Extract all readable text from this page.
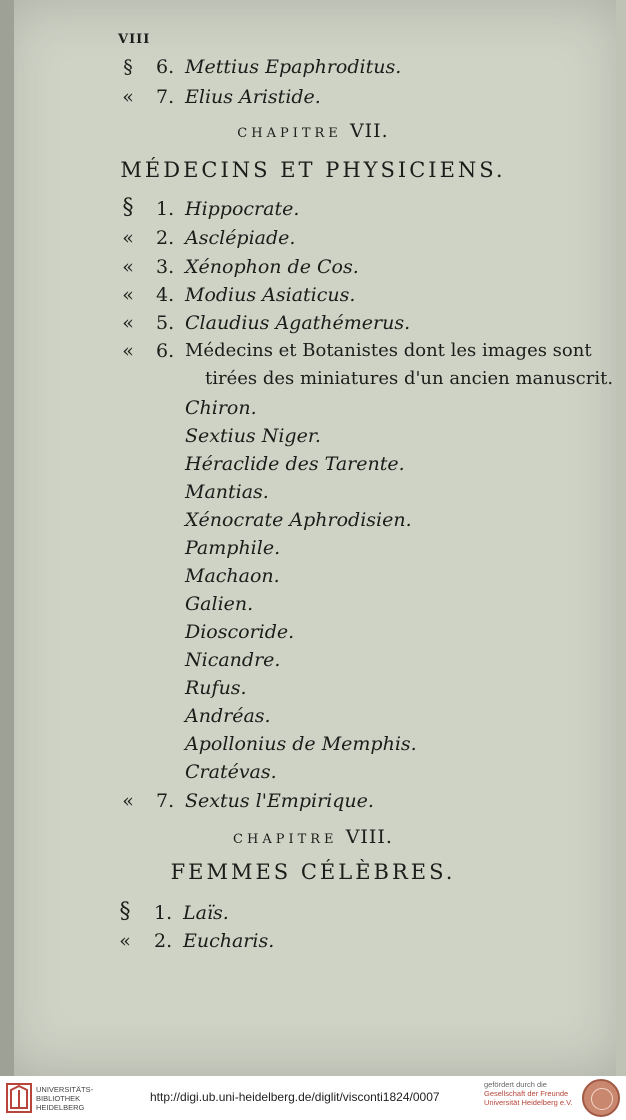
VIII
§	6. Mettius Epaphroditus.
«	7. Elius Aristide.
CHAPITRE VII.
MÉDECINS ET PHYSICIENS.
§	1. Hippocrate.
«	2. Asclépiade.
«	3. Xénophon de Cos.
«	4. Modius Asiaticus.
«	5. Claudius Agathémerus.
«	6. Médecins et Botanistes dont les images sont
tirées des miniatures d'un ancien manuscrit.
Chiron.
Sextius Niger.
Héraclide des Tarente.
Mantias.
Xénocrate Aphrodisien.
Pamphile.
Machaon.
Galien.
Dioscoride.
Nicandre.
Rufus.
Andréas.
Apollonius de Memphis.
Cratévas.
«	7. Sextus l'Empirique.
CHAPITRE VIII.
FEMMES CÉLÈBRES.
§	1. Laïs.
«	2. Eucharis.
UNIVERSITÄTS-
BIBLIOTHEK
HEIDELBERG
http://digi.ub.uni-heidelberg.de/diglit/visconti1824/0007
gefördert durch die
Gesellschaft der Freunde
Universität Heidelberg e.V.
